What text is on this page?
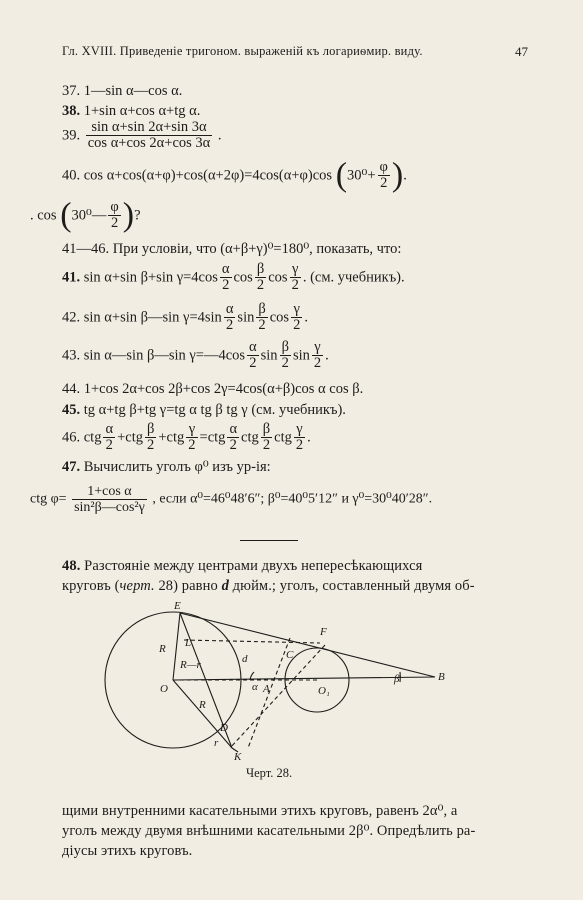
Гл. XVIII. Приведеніе тригоном. выраженій къ логариѳмир. виду.	47
37. 1—sin α—cos α.
38. 1+sin α+cos α+tg α.
39. $\frac{\text{sin α+sin 2α+sin 3α}}{\text{cos α+cos 2α+cos 3α}}$ .
40. cos α+cos(α+φ)+cos(α+2φ)=4cos(α+φ)cos ($30^0+ \frac{\varphi}{2}$ ).
. cos (30⁰— $\frac{\varphi}{2}$ )?
41—46. При условіи, что (α+β+γ)⁰=180⁰, показать, что:
41. sin α+sin β+sin $\gamma=4\cos \frac{\alpha}{2}$ $\cos \frac{\beta}{2}$ $\cos \frac{\gamma}{2}$ . (см. учебникъ).
42. sin α+sin β—sin $\gamma=4\sin \frac{\alpha}{2}$ $\sin \frac{\beta}{2}$ $\cos \frac{\gamma}{2}$ .
43. sin α—sin β—sin γ=—4cos $\frac{\alpha}{2}$ $\sin \frac{\beta}{2}$ $\sin \frac{\gamma}{2}$ .
44. 1+cos 2α+cos 2β+cos 2γ=4cos(α+β)cos α cos β.
45. tg α+tg β+tg γ=tg α tg β tg γ (см. учебникъ).
46. ctg $\frac{\alpha}{2} +ctg \frac{\beta}{2} +ctg \frac{\gamma}{2} =ctg \frac{\alpha}{2}$ ctg $\frac{\beta}{2}$ ctg $\frac{\gamma}{2}$ .
47. Вычислить уголъ φ⁰ изъ ур-ія:
ctg $\varphi= \frac{\text{1+cos α}}{\text{sin²β—cos²γ}}$ , если α⁰=46⁰48′6″; β⁰=40⁰5′12″ и γ⁰=30⁰40′28″.
48. Разстояніе между центрами двухъ непересѣкающихся
круговъ (черт. 28) равно d дюйм.; уголъ, составленный двумя об-
E
F
B
O	O₁
A
C
L
D
K
R
R
R—r	d
r
α
β
Черт. 28.
щими внутренними касательными этихъ круговъ, равенъ 2α⁰, а
уголъ между двумя внѣшними касательными 2β⁰. Опредѣлить ра-
діусы этихъ круговъ.
